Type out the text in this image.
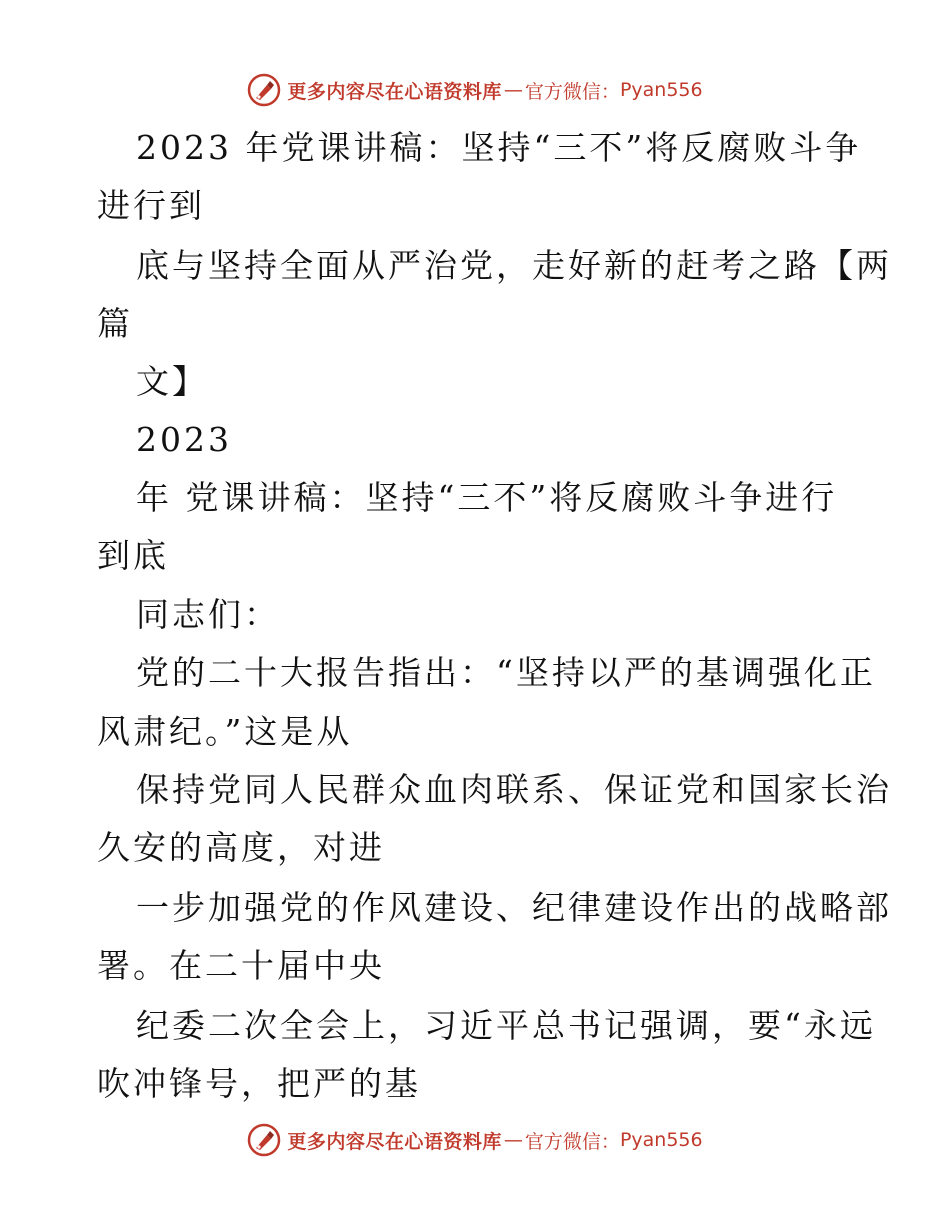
更多内容尽在心语资料库 — 官方微信： Pyan556
2023 年党课讲稿：坚持“三不”将反腐败斗争
进行到
底与坚持全面从严治党，走好新的赶考之路【两
篇
文】
2023
年 党课讲稿：坚持“三不”将反腐败斗争进行
到底
同志们：
党的二十大报告指出：“坚持以严的基调强化正
风肃纪。”这是从
保持党同人民群众血肉联系、保证党和国家长治
久安的高度，对进
一步加强党的作风建设、纪律建设作出的战略部
署。在二十届中央
纪委二次全会上，习近平总书记强调，要“永远
吹冲锋号，把严的基
更多内容尽在心语资料库 — 官方微信： Pyan556
